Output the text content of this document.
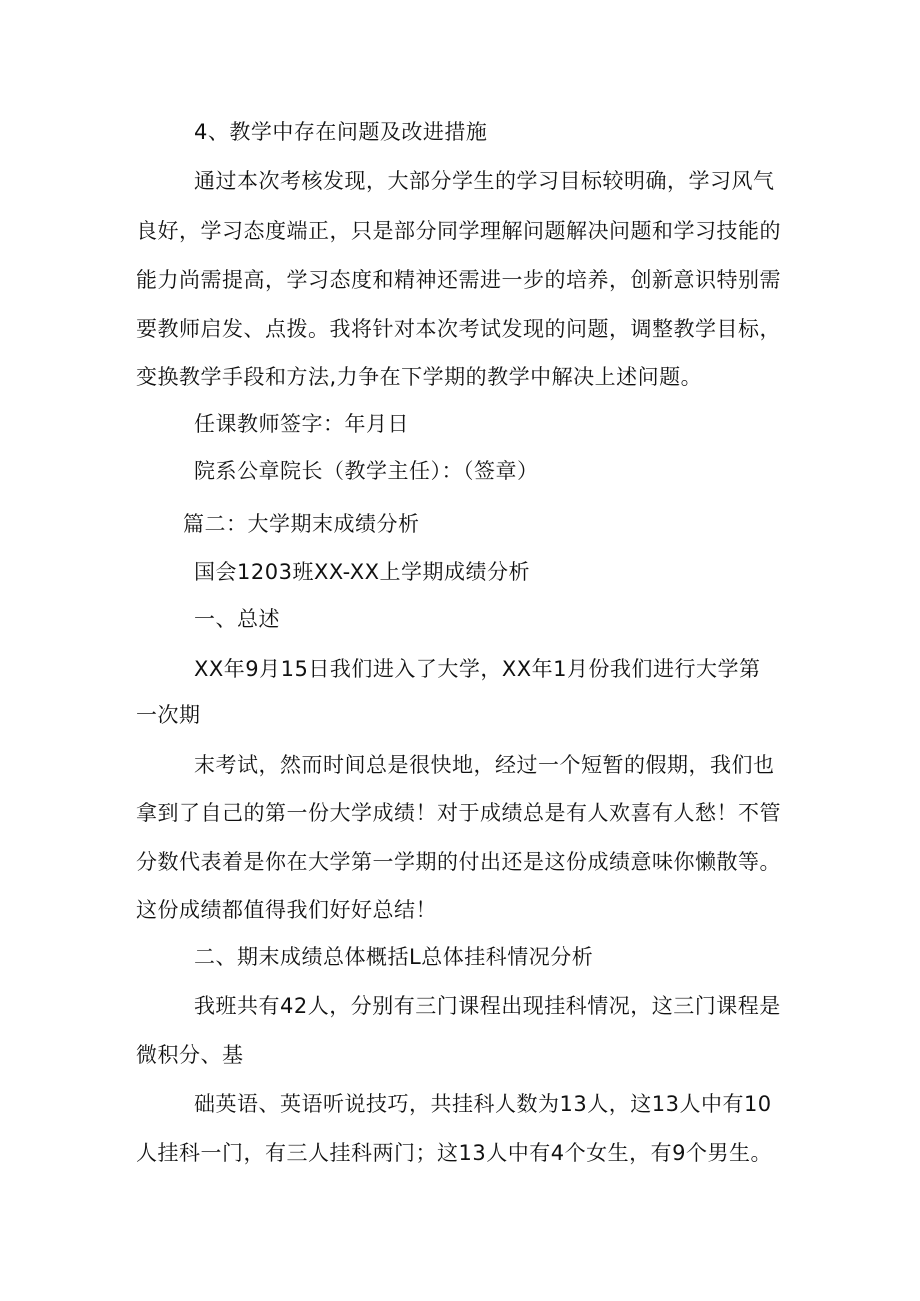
4、教学中存在问题及改进措施
通过本次考核发现，大部分学生的学习目标较明确，学习风气
良好，学习态度端正，只是部分同学理解问题解决问题和学习技能的
能力尚需提高，学习态度和精神还需进一步的培养，创新意识特别需
要教师启发、点拨。我将针对本次考试发现的问题，调整教学目标，
变换教学手段和方法,力争在下学期的教学中解决上述问题。
任课教师签字：年月日
院系公章院长（教学主任）：（签章）
篇二：大学期末成绩分析
国会1203班XX-XX上学期成绩分析
一、总述
XX年9月15日我们进入了大学，XX年1月份我们进行大学第
一次期
末考试，然而时间总是很快地，经过一个短暂的假期，我们也
拿到了自己的第一份大学成绩！对于成绩总是有人欢喜有人愁！不管
分数代表着是你在大学第一学期的付出还是这份成绩意味你懒散等。
这份成绩都值得我们好好总结！
二、期末成绩总体概括L总体挂科情况分析
我班共有42人，分别有三门课程出现挂科情况，这三门课程是
微积分、基
础英语、英语听说技巧，共挂科人数为13人，这13人中有10
人挂科一门，有三人挂科两门；这13人中有4个女生，有9个男生。
